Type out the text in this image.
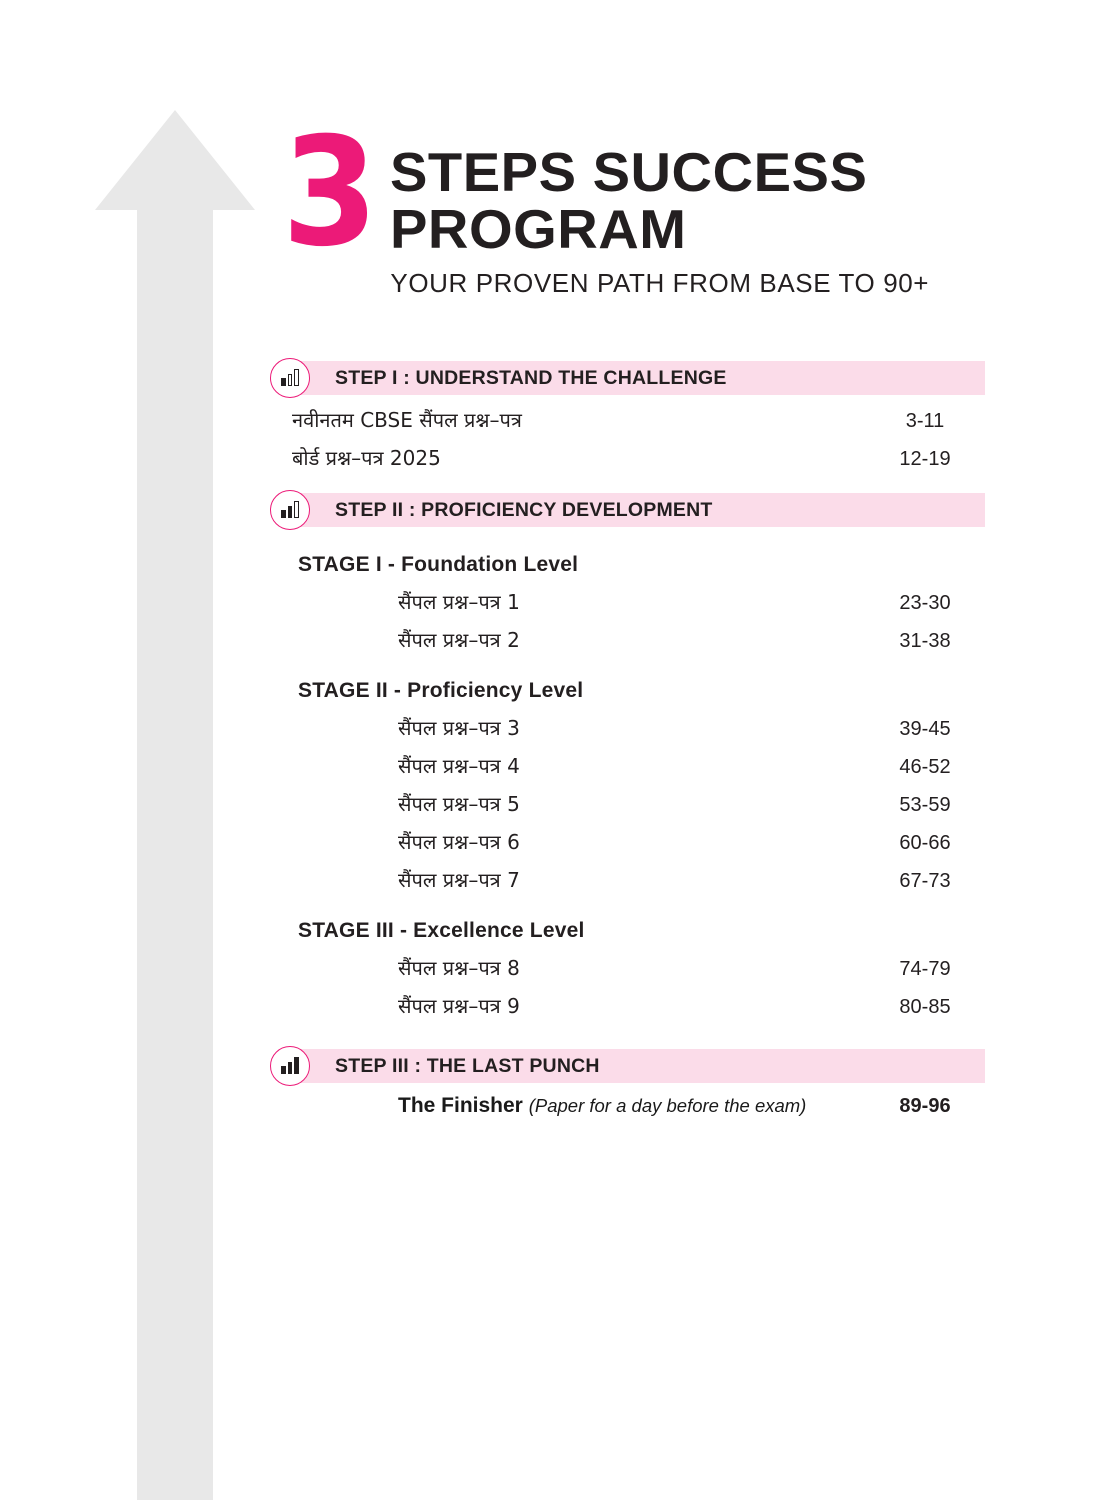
3 STEPS SUCCESS
PROGRAM
YOUR PROVEN PATH FROM BASE TO 90+
STEP I : UNDERSTAND THE CHALLENGE
नवीनतम CBSE सैंपल प्रश्न–पत्र	3-11
बोर्ड प्रश्न–पत्र 2025	12-19
STEP II : PROFICIENCY DEVELOPMENT
STAGE I - Foundation Level
सैंपल प्रश्न–पत्र 1	23-30
सैंपल प्रश्न–पत्र 2	31-38
STAGE II - Proficiency Level
सैंपल प्रश्न–पत्र 3	39-45
सैंपल प्रश्न–पत्र 4	46-52
सैंपल प्रश्न–पत्र 5	53-59
सैंपल प्रश्न–पत्र 6	60-66
सैंपल प्रश्न–पत्र 7	67-73
STAGE III - Excellence Level
सैंपल प्रश्न–पत्र 8	74-79
सैंपल प्रश्न–पत्र 9	80-85
STEP III : THE LAST PUNCH
The Finisher (Paper for a day before the exam)	89-96
